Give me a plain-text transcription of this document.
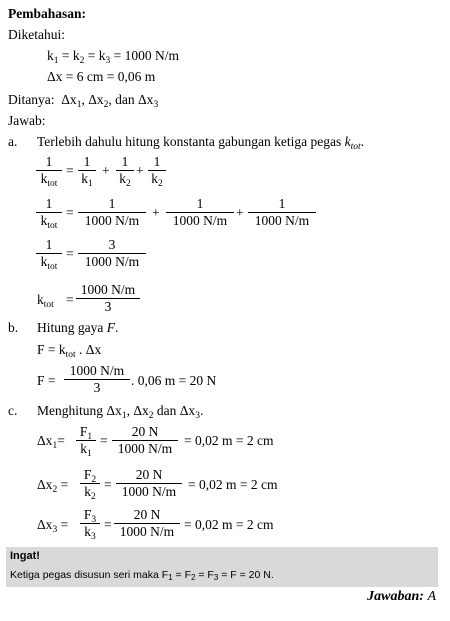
Pembahasan:
Diketahui:
$k_1 = k_2 = k_3 = 1000$ N/m
Δx = 6 cm = 0,06 m
Ditanya: $\Delta x_1$, $\Delta x_2$, dan $\Delta x_3$
Jawab:
a. Terlebih dahulu hitung konstanta gabungan ketiga pegas $k_{tot}$.
1
$k_{tot}$
=
1
$k_1$
+
1
$k_2$
+
1
$k_2$
1
$k_{tot}$
=
1
1000 N/m
+
1
1000 N/m
+
1
1000 N/m
1
$k_{tot}$
=
3
1000 N/m
$k_{tot}$ =
1000 N/m
3
b. Hitung gaya F.
$F = k_{tot}$ . Δx
F =
1000 N/m
3	. 0,06 m = 20 N
c. Menghitung $\Delta x_1$, $\Delta x_2$ dan $\Delta x_3$.
$\Delta x_1=$
$F_1$
$k_1$
=
20 N
1000 N/m
= 0,02 m = 2 cm
$\Delta x_2$ =
$F_2$
$k_2$
=
20 N
1000 N/m = 0,02 m = 2 cm
$\Delta x_3$ =
$F_3$
$k_3$
=
20 N
1000 N/m = 0,02 m = 2 cm
Ingat!
Ketiga pegas disusun seri maka $F_1 = F_2 = F_3 = F = 20$ N.
Jawaban: A
